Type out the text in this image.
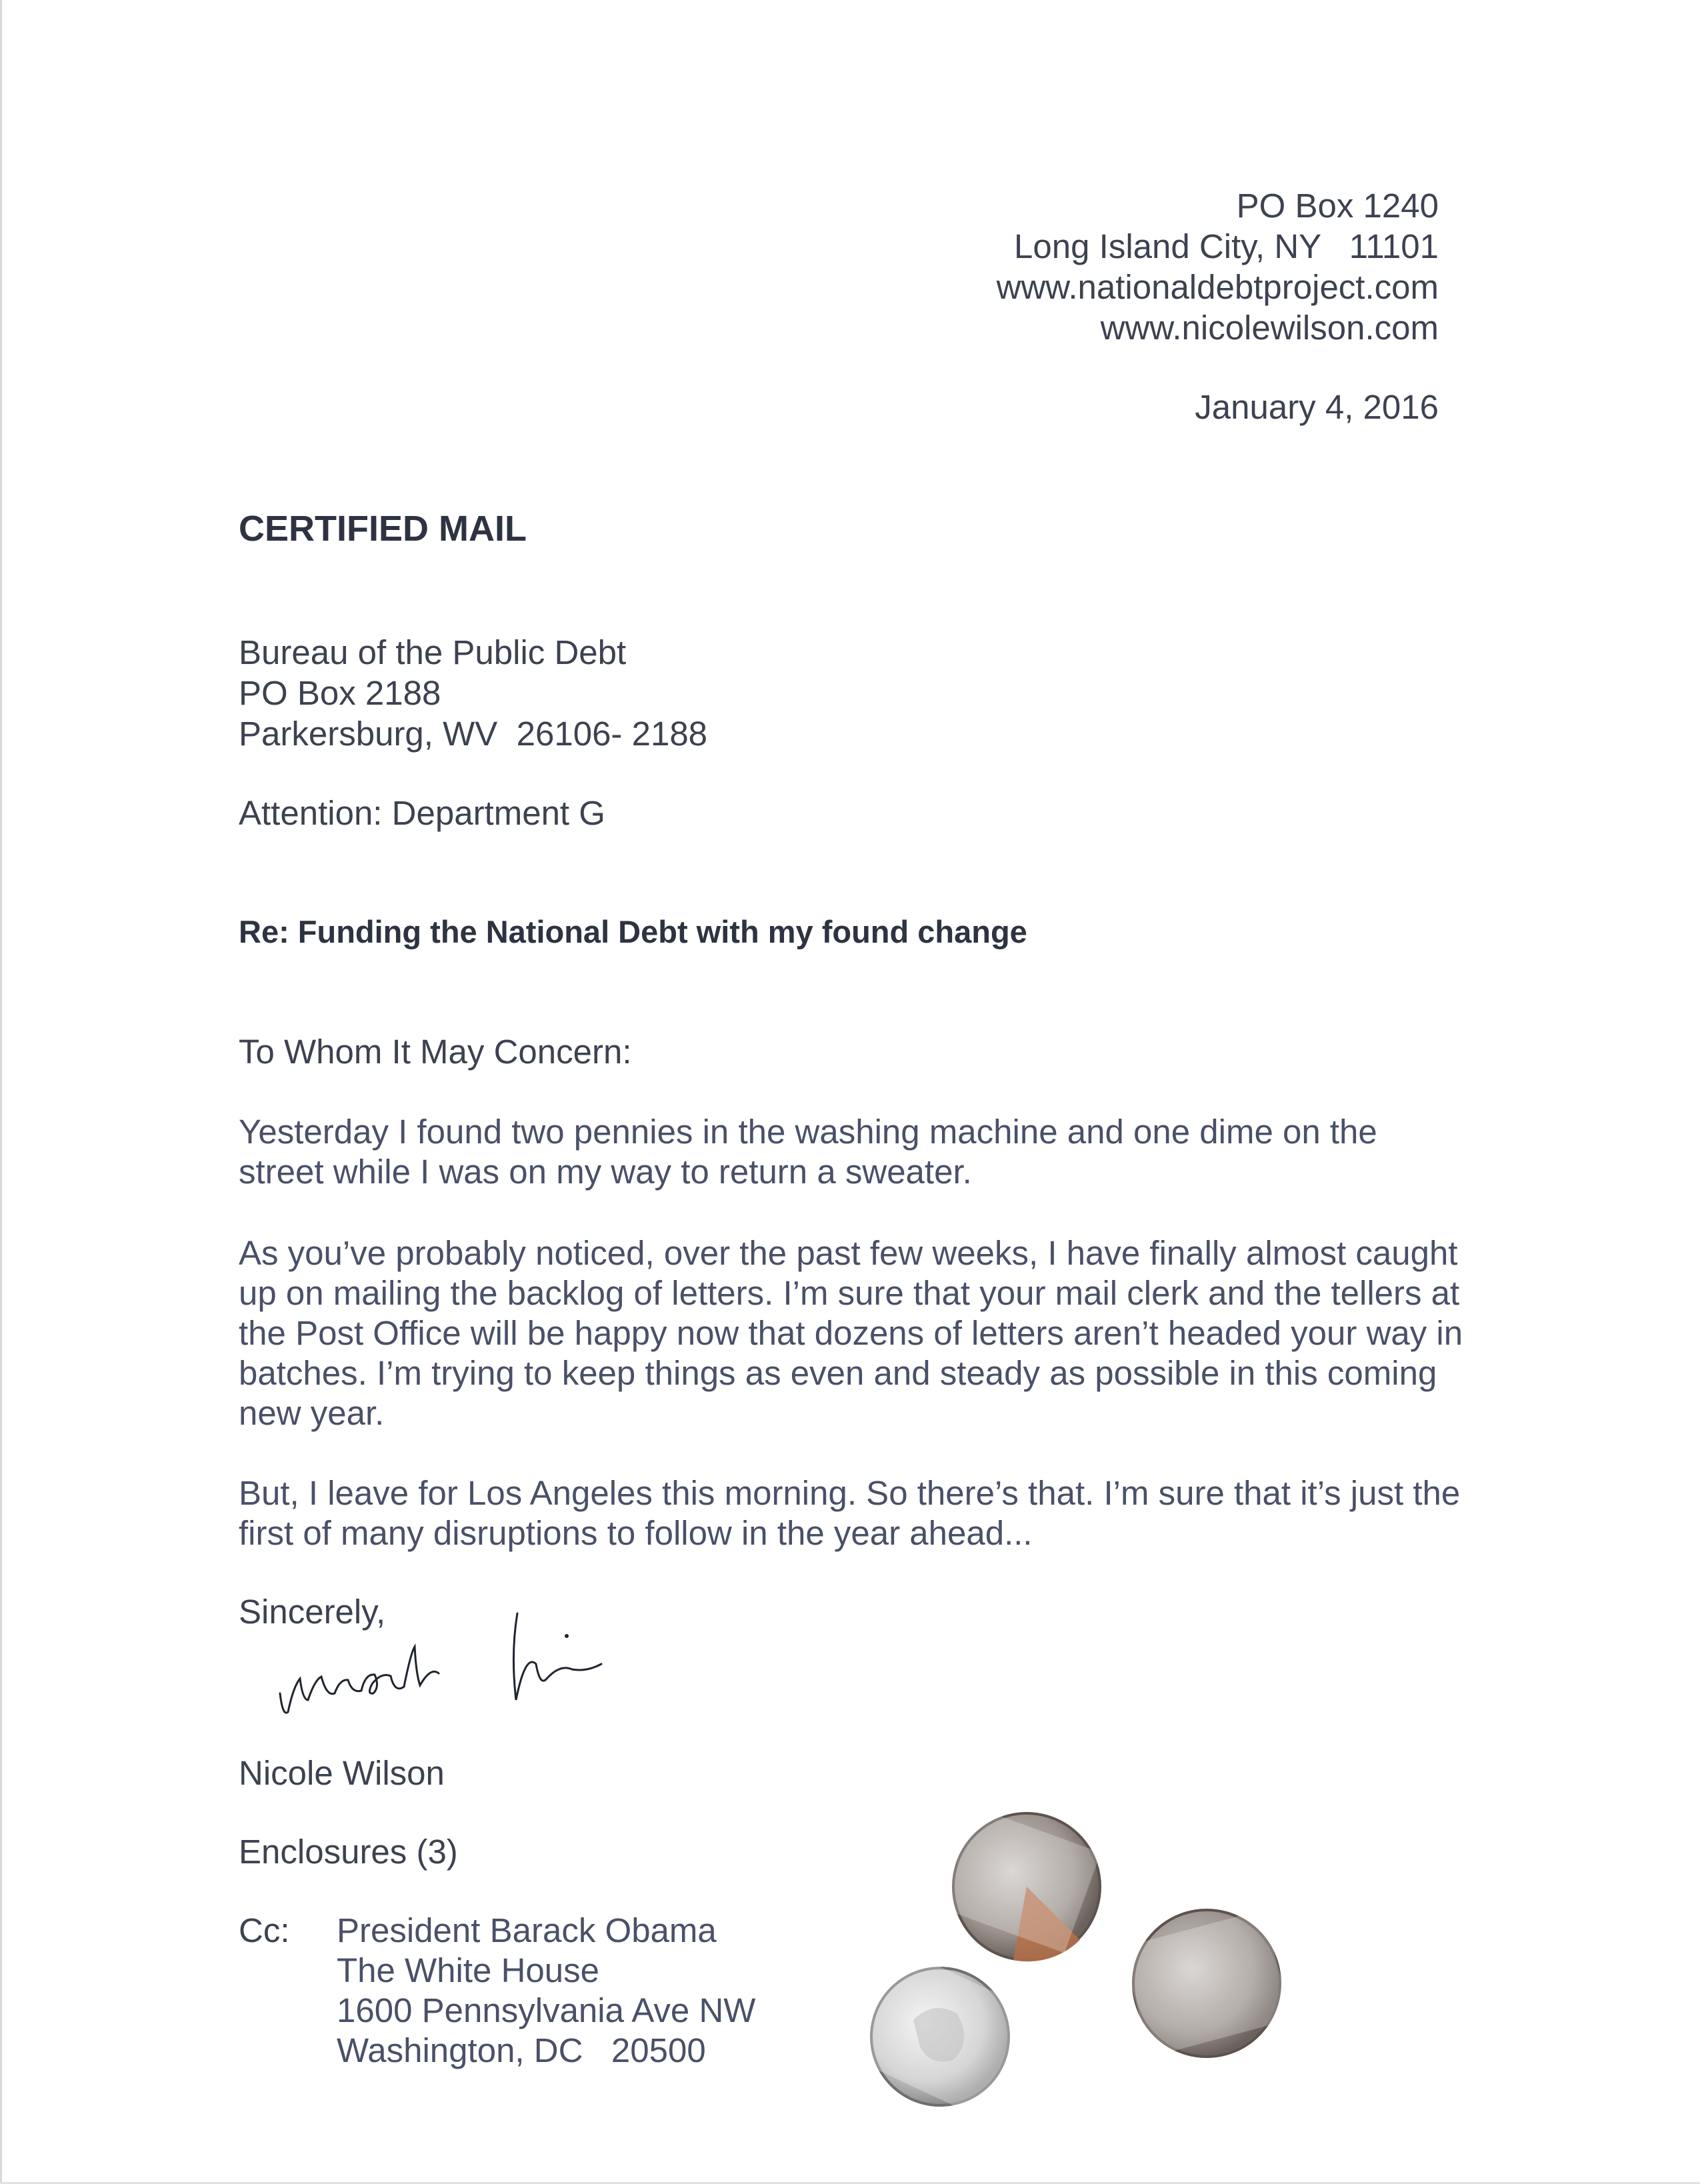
PO Box 1240
Long Island City, NY   11101
www.nationaldebtproject.com
www.nicolewilson.com
January 4, 2016
CERTIFIED MAIL
Bureau of the Public Debt
PO Box 2188
Parkersburg, WV  26106- 2188
Attention: Department G
Re: Funding the National Debt with my found change
To Whom It May Concern:
Yesterday I found two pennies in the washing machine and one dime on the street while I was on my way to return a sweater.
As you’ve probably noticed, over the past few weeks, I have finally almost caught up on mailing the backlog of letters. I’m sure that your mail clerk and the tellers at the Post Office will be happy now that dozens of letters aren’t headed your way in batches. I’m trying to keep things as even and steady as possible in this coming new year.
But, I leave for Los Angeles this morning. So there’s that. I’m sure that it’s just the first of many disruptions to follow in the year ahead...
Sincerely,
Nicole Wilson
Enclosures (3)
Cc: President Barack Obama
The White House
1600 Pennsylvania Ave NW
Washington, DC   20500
